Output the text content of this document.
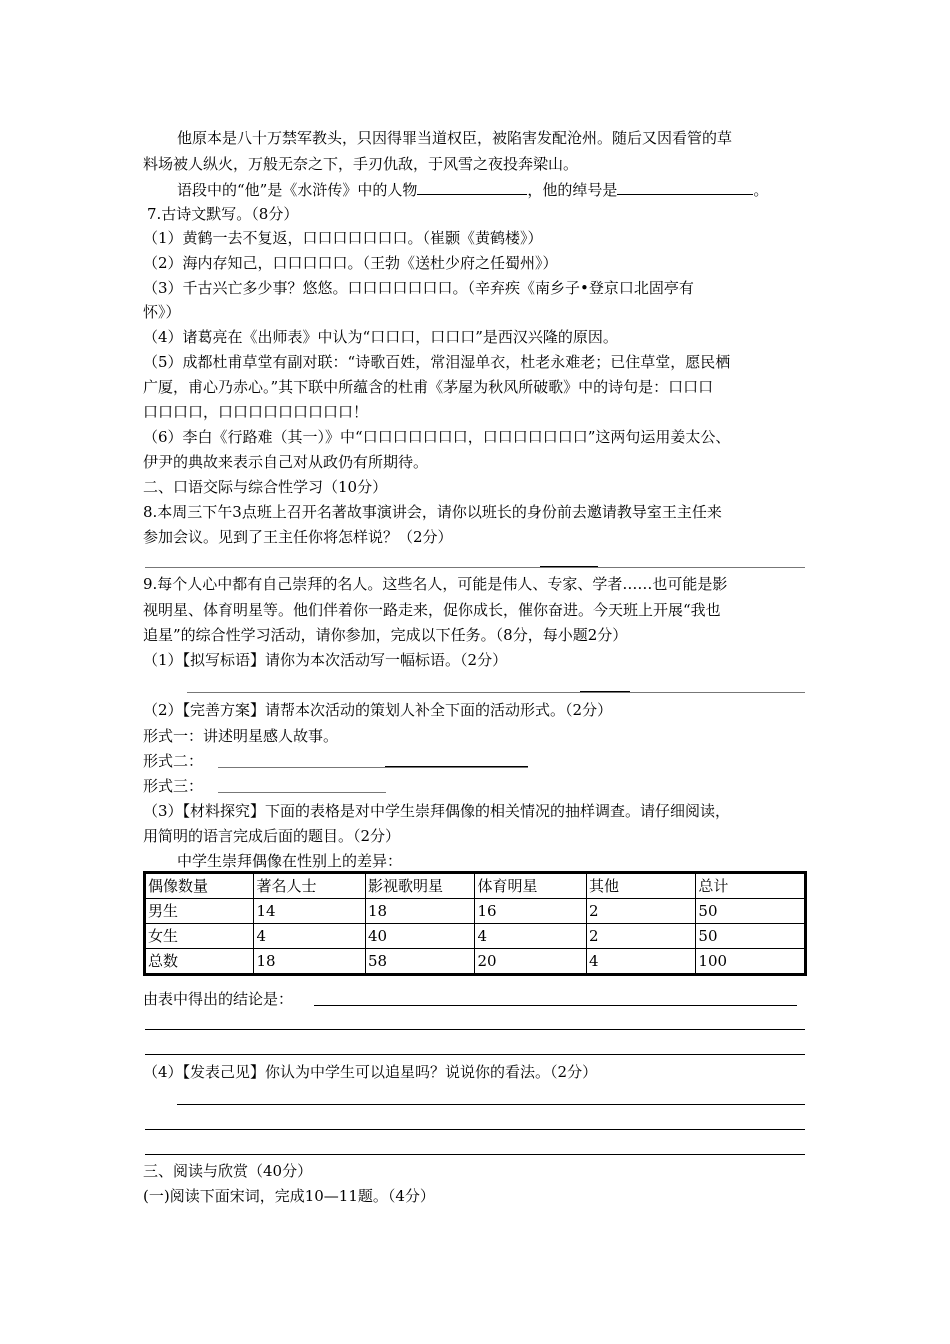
他原本是八十万禁军教头，只因得罪当道权臣，被陷害发配沧州。随后又因看管的草
料场被人纵火，万般无奈之下，手刃仇敌，于风雪之夜投奔梁山。
语段中的“他”是《水浒传》中的人物	，他的绰号是	。
7.古诗文默写。（8分）
（1）黄鹤一去不复返，口口口口口口口。（崔颢《黄鹤楼》）
（2）海内存知己，口口口口口。（王勃《送杜少府之任蜀州》）
（3）千古兴亡多少事？悠悠。口口口口口口口。（辛弃疾《南乡子•登京口北固亭有
怀》）
（4）诸葛亮在《出师表》中认为“口口口，口口口”是西汉兴隆的原因。
（5）成都杜甫草堂有副对联：“诗歌百姓，常泪湿单衣，杜老永难老；已住草堂，愿民栖
广厦，甫心乃赤心。”其下联中所蕴含的杜甫《茅屋为秋风所破歌》中的诗句是：口口口
口口口口，口口口口口口口口口！
（6）李白《行路难（其一）》中“口口口口口口口，口口口口口口口”这两句运用姜太公、
伊尹的典故来表示自己对从政仍有所期待。
二、口语交际与综合性学习（10分）
8.本周三下午3点班上召开名著故事演讲会，请你以班长的身份前去邀请教导室王主任来
参加会议。见到了王主任你将怎样说？（2分）
9.每个人心中都有自己崇拜的名人。这些名人，可能是伟人、专家、学者……也可能是影
视明星、体育明星等。他们伴着你一路走来，促你成长，催你奋进。今天班上开展“我也
追星”的综合性学习活动，请你参加，完成以下任务。（8分，每小题2分）
（1）【拟写标语】请你为本次活动写一幅标语。（2分）
（2）【完善方案】请帮本次活动的策划人补全下面的活动形式。（2分）
形式一：讲述明星感人故事。
形式二：
形式三：
（3）【材料探究】下面的表格是对中学生崇拜偶像的相关情况的抽样调查。请仔细阅读，
用简明的语言完成后面的题目。（2分）
中学生崇拜偶像在性别上的差异：
偶像数量	著名人士	影视歌明星	体育明星	其他	总计
男生	14	18	16	2	50
女生	4	40	4	2	50
总数	18	58	20	4	100
由表中得出的结论是：
（4）【发表己见】你认为中学生可以追星吗？说说你的看法。（2分）
三、阅读与欣赏（40分）
(一)阅读下面宋词，完成10—11题。（4分）
